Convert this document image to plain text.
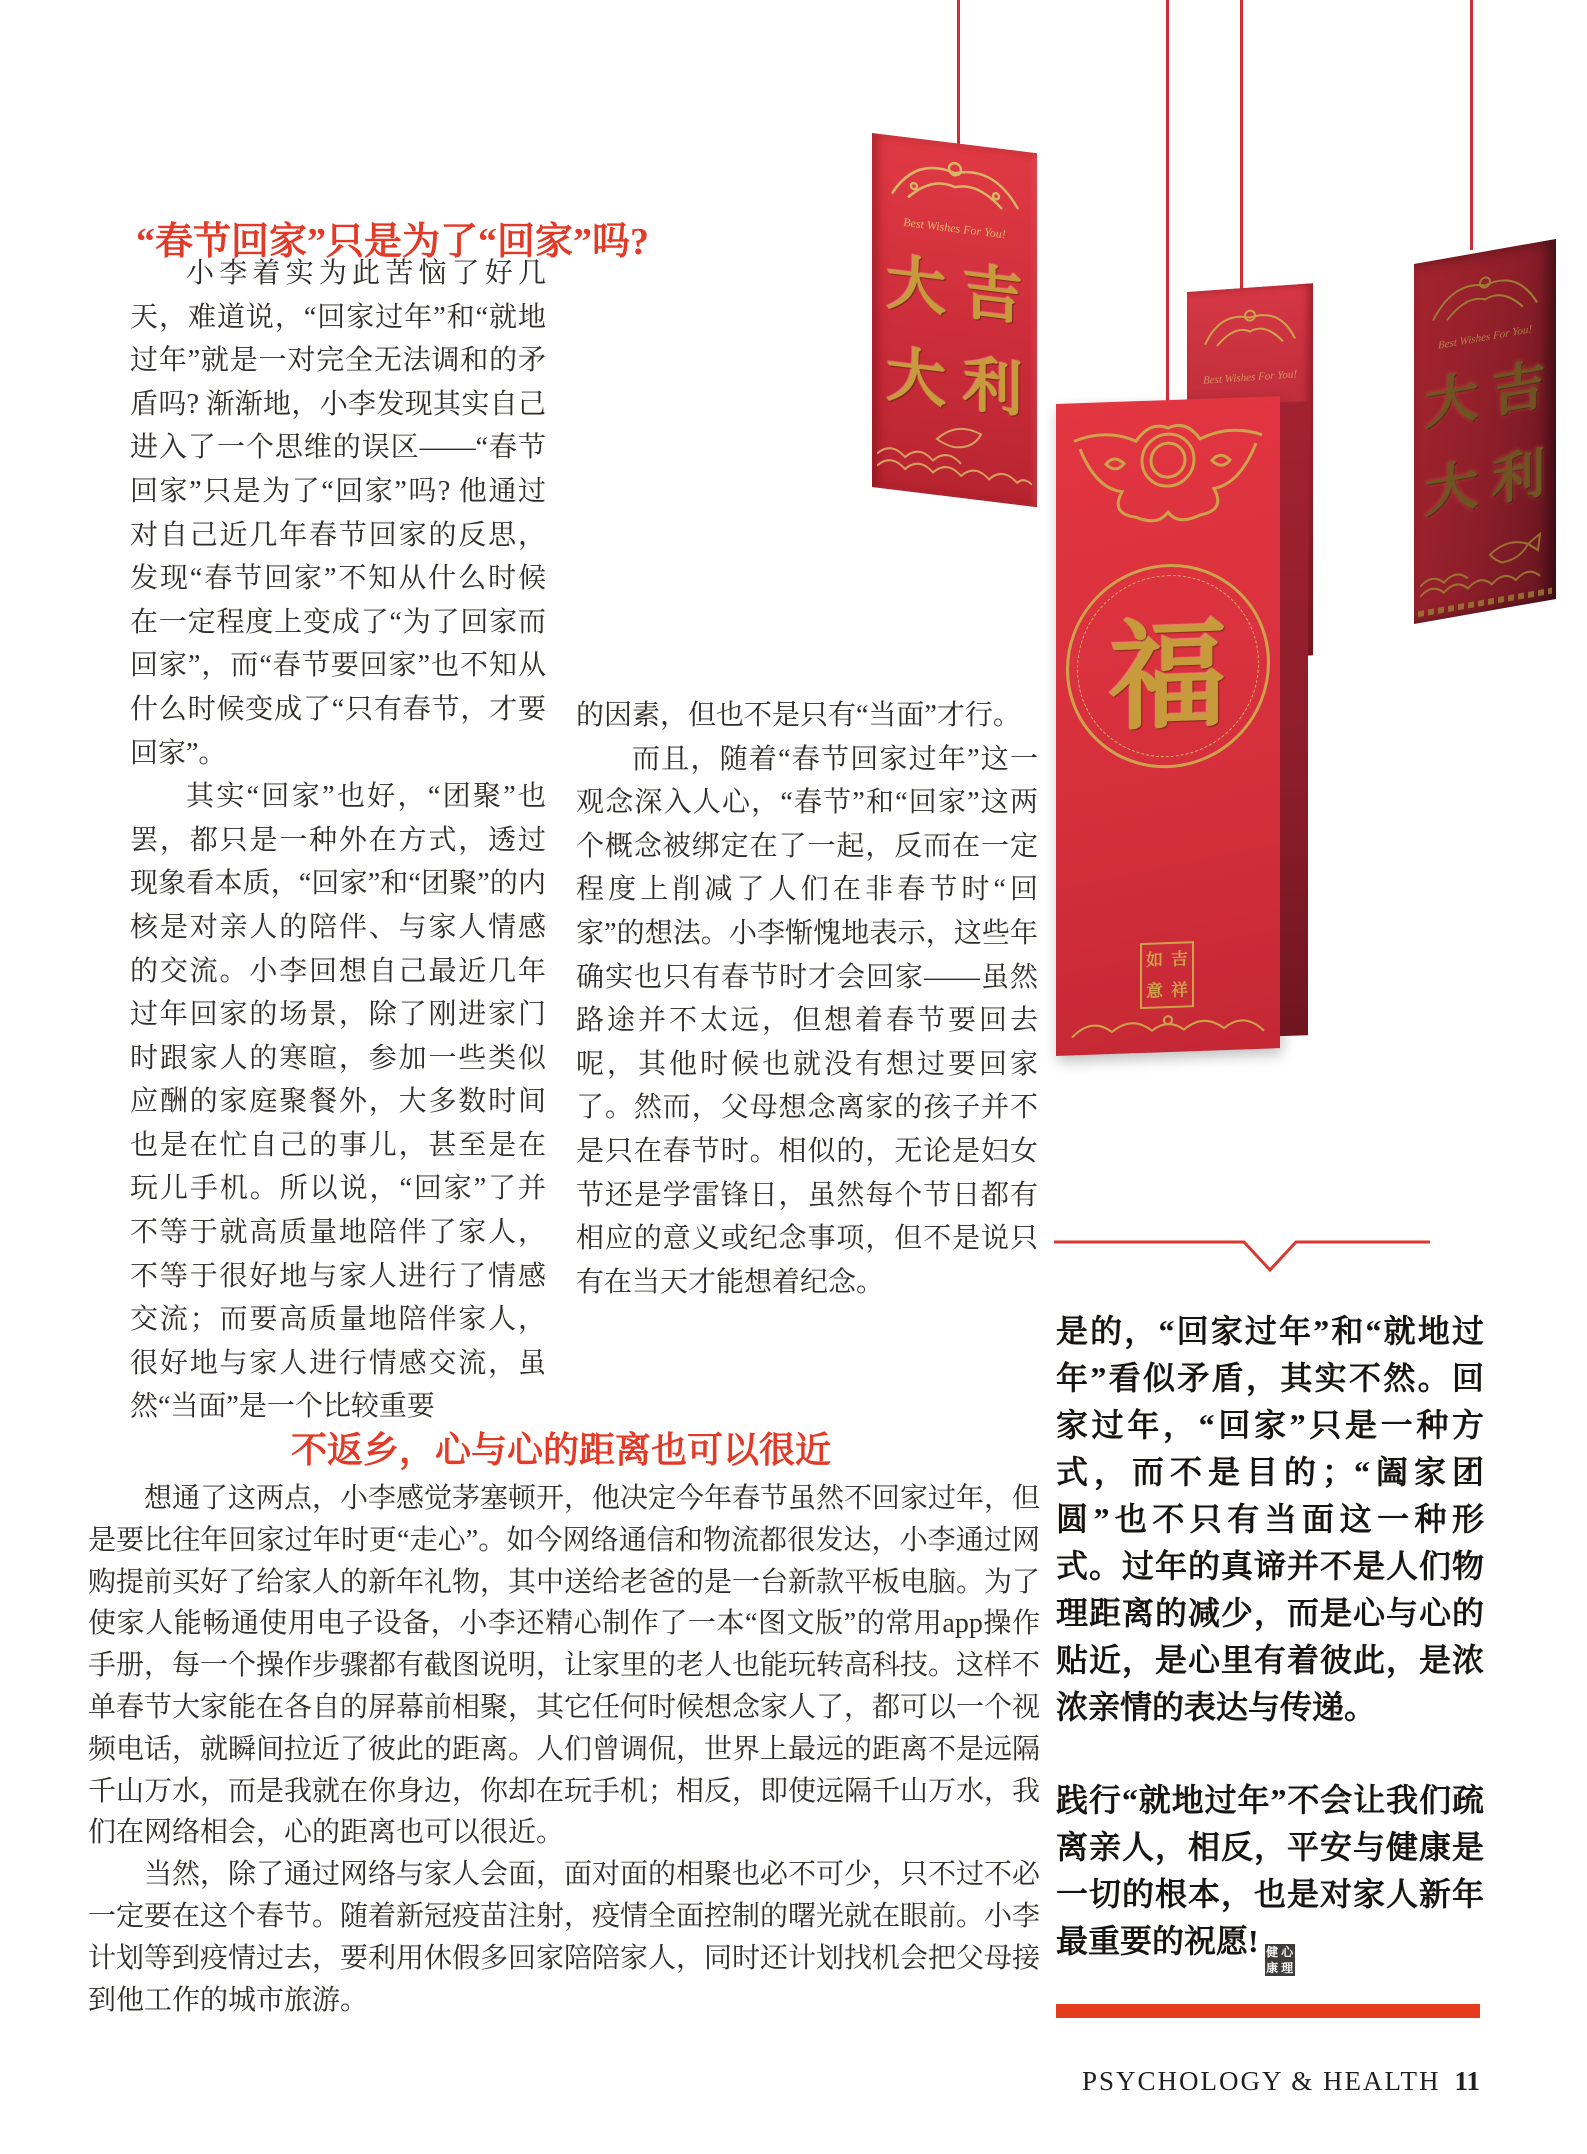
Best Wishes For You!
Best Wishes For You!
大 吉
大 利
Best Wishes For You!
大 吉
大 利
福
如 吉
意 祥
“春节回家”只是为了“回家”吗?

小李着实为此苦恼了好几天，难道说，“回家过年”和“就地过年”就是一对完全无法调和的矛盾吗? 渐渐地，小李发现其实自己进入了一个思维的误区——“春节回家”只是为了“回家”吗? 他通过对自己近几年春节回家的反思，发现“春节回家”不知从什么时候在一定程度上变成了“为了回家而回家”，而“春节要回家”也不知从什么时候变成了“只有春节，才要回家”。

其实“回家”也好，“团聚”也罢，都只是一种外在方式，透过现象看本质，“回家”和“团聚”的内核是对亲人的陪伴、与家人情感的交流。小李回想自己最近几年过年回家的场景，除了刚进家门时跟家人的寒暄，参加一些类似应酬的家庭聚餐外，大多数时间也是在忙自己的事儿，甚至是在玩儿手机。所以说，“回家”了并不等于就高质量地陪伴了家人，不等于很好地与家人进行了情感交流；而要高质量地陪伴家人，很好地与家人进行情感交流，虽然“当面”是一个比较重要

的因素，但也不是只有“当面”才行。

而且，随着“春节回家过年”这一观念深入人心，“春节”和“回家”这两个概念被绑定在了一起，反而在一定程度上削减了人们在非春节时“回家”的想法。小李惭愧地表示，这些年确实也只有春节时才会回家——虽然路途并不太远，但想着春节要回去呢，其他时候也就没有想过要回家了。然而，父母想念离家的孩子并不是只在春节时。相似的，无论是妇女节还是学雷锋日，虽然每个节日都有相应的意义或纪念事项，但不是说只有在当天才能想着纪念。

是的，“回家过年”和“就地过年”看似矛盾，其实不然。回家过年，“回家”只是一种方式，而不是目的；“阖家团圆”也不只有当面这一种形式。过年的真谛并不是人们物理距离的减少，而是心与心的贴近，是心里有着彼此，是浓浓亲情的表达与传递。

践行“就地过年”不会让我们疏离亲人，相反，平安与健康是一切的根本，也是对家人新年最重要的祝愿! 健 心
康 理

不返乡，心与心的距离也可以很近

想通了这两点，小李感觉茅塞顿开，他决定今年春节虽然不回家过年，但是要比往年回家过年时更“走心”。如今网络通信和物流都很发达，小李通过网购提前买好了给家人的新年礼物，其中送给老爸的是一台新款平板电脑。为了使家人能畅通使用电子设备，小李还精心制作了一本“图文版”的常用app操作手册，每一个操作步骤都有截图说明，让家里的老人也能玩转高科技。这样不单春节大家能在各自的屏幕前相聚，其它任何时候想念家人了，都可以一个视频电话，就瞬间拉近了彼此的距离。人们曾调侃，世界上最远的距离不是远隔千山万水，而是我就在你身边，你却在玩手机；相反，即使远隔千山万水，我们在网络相会，心的距离也可以很近。

当然，除了通过网络与家人会面，面对面的相聚也必不可少，只不过不必一定要在这个春节。随着新冠疫苗注射，疫情全面控制的曙光就在眼前。小李计划等到疫情过去，要利用休假多回家陪陪家人，同时还计划找机会把父母接到他工作的城市旅游。

PSYCHOLOGY & HEALTH 11
